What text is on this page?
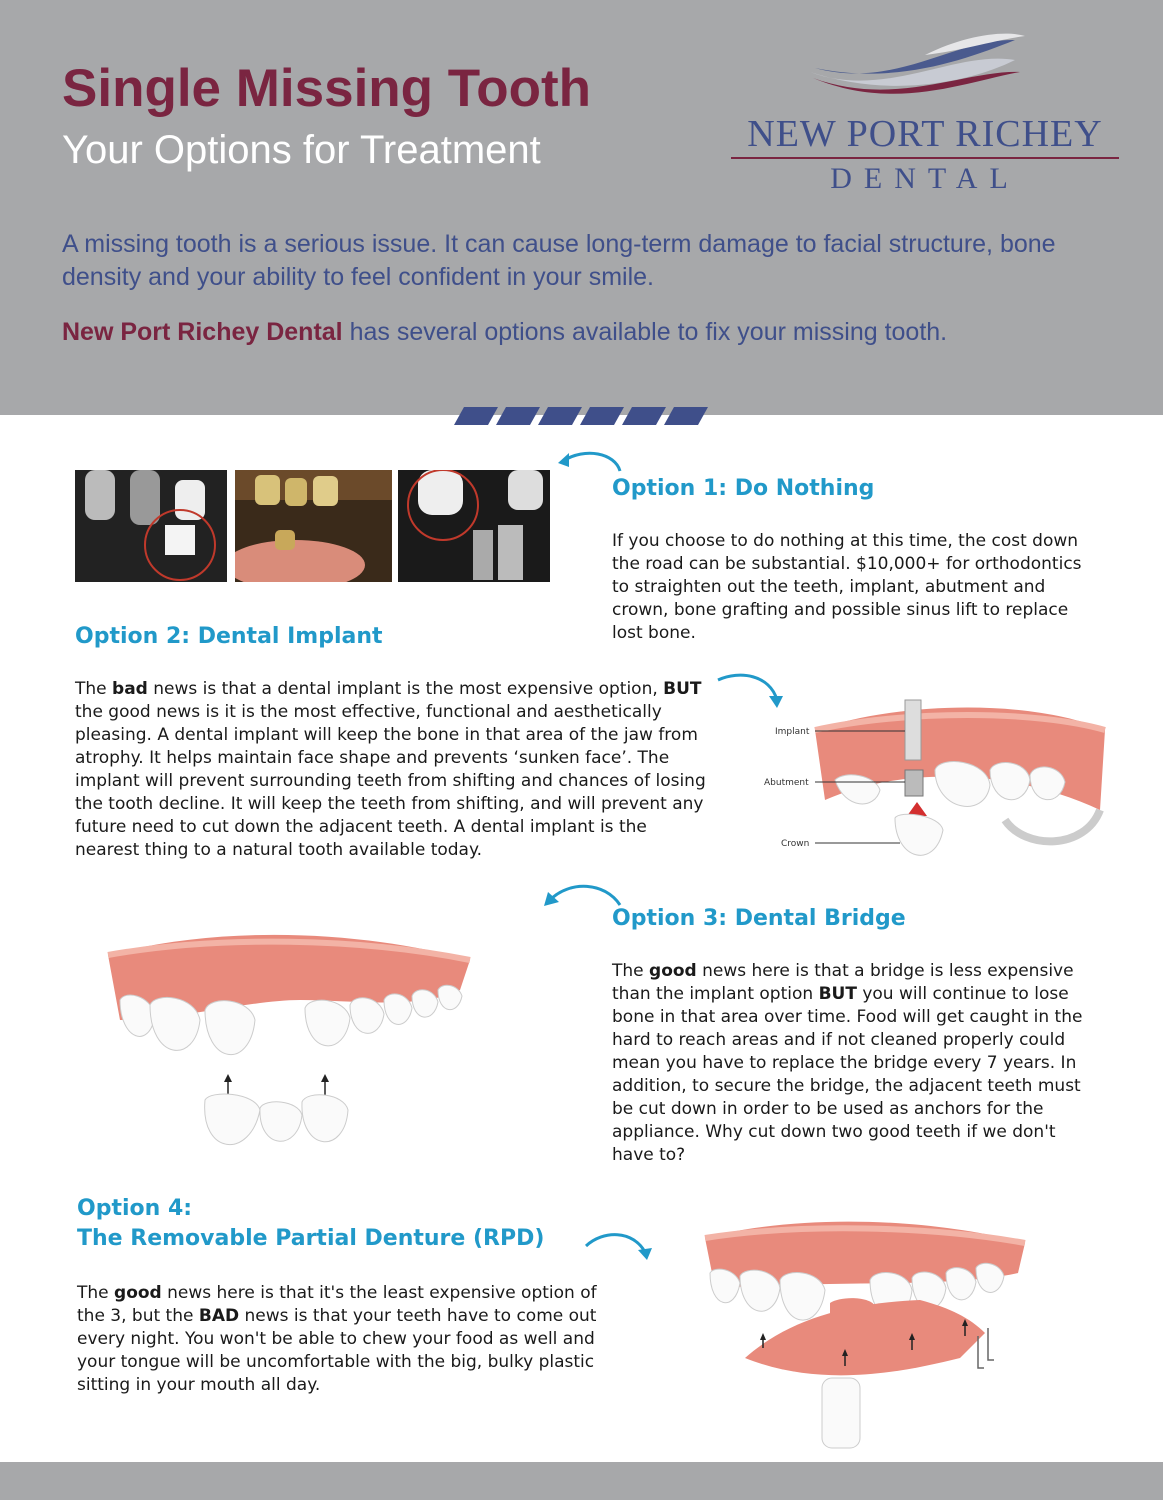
Single Missing Tooth
Your Options for Treatment	NEW PORT RICHEY
DENTAL
A missing tooth is a serious issue. It can cause long-term damage to facial structure, bone density and your ability to feel confident in your smile.
New Port Richey Dental has several options available to fix your missing tooth.
Option 1: Do Nothing
If you choose to do nothing at this time, the cost down the road can be substantial. $10,000+ for orthodontics to straighten out the teeth, implant, abutment and crown, bone grafting and possible sinus lift to replace lost bone.
Option 2: Dental Implant
The bad news is that a dental implant is the most expensive option, BUT the good news is it is the most effective, functional and aesthetically pleasing. A dental implant will keep the bone in that area of the jaw from atrophy. It helps maintain face shape and prevents ‘sunken face’. The implant will prevent surrounding teeth from shifting and chances of losing the tooth decline. It will keep the teeth from shifting, and will prevent any future need to cut down the adjacent teeth. A dental implant is the nearest thing to a natural tooth available today.
Implant
Abutment
Crown
Option 3: Dental Bridge
The good news here is that a bridge is less expensive than the implant option BUT you will continue to lose bone in that area over time. Food will get caught in the hard to reach areas and if not cleaned properly could mean you have to replace the bridge every 7 years. In addition, to secure the bridge, the adjacent teeth must be cut down in order to be used as anchors for the appliance. Why cut down two good teeth if we don't have to?
Option 4:
The Removable Partial Denture (RPD)
The good news here is that it's the least expensive option of the 3, but the BAD news is that your teeth have to come out every night. You won't be able to chew your food as well and your tongue will be uncomfortable with the big, bulky plastic sitting in your mouth all day.
